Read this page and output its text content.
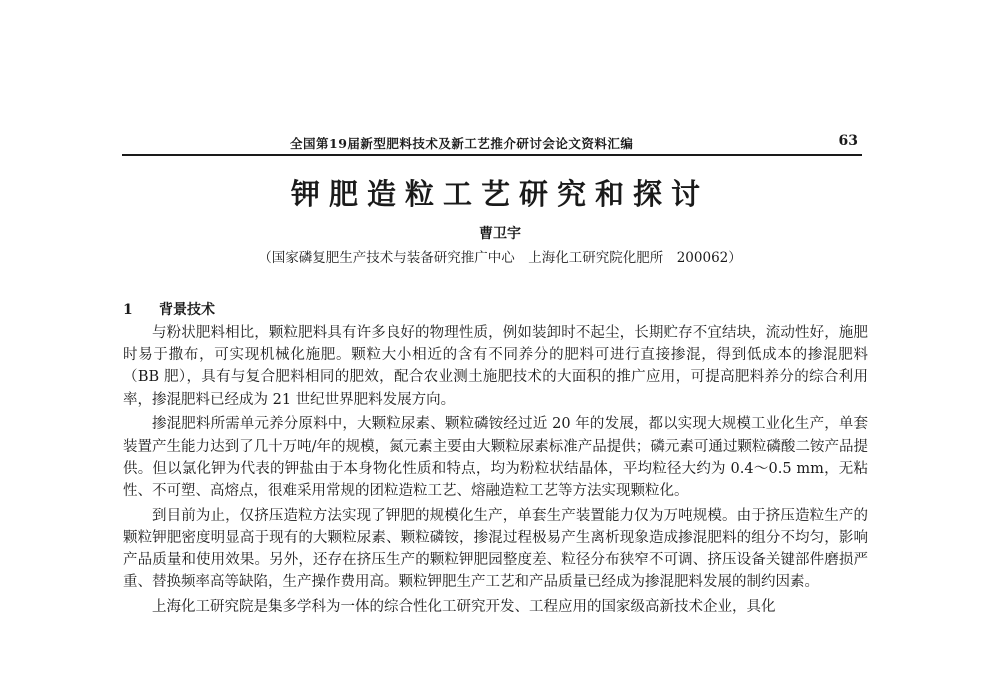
全国第19届新型肥料技术及新工艺推介研讨会论文资料汇编	63
钾肥造粒工艺研究和探讨
曹卫宇
（国家磷复肥生产技术与装备研究推广中心　上海化工研究院化肥所　200062）
1 背景技术

与粉状肥料相比，颗粒肥料具有许多良好的物理性质，例如装卸时不起尘，长期贮存不宜结块，流动性好，施肥时易于撒布，可实现机械化施肥。颗粒大小相近的含有不同养分的肥料可进行直接掺混，得到低成本的掺混肥料（BB 肥），具有与复合肥料相同的肥效，配合农业测土施肥技术的大面积的推广应用，可提高肥料养分的综合利用率，掺混肥料已经成为 21 世纪世界肥料发展方向。

掺混肥料所需单元养分原料中，大颗粒尿素、颗粒磷铵经过近 20 年的发展，都以实现大规模工业化生产，单套装置产生能力达到了几十万吨/年的规模，氮元素主要由大颗粒尿素标准产品提供；磷元素可通过颗粒磷酸二铵产品提供。但以氯化钾为代表的钾盐由于本身物化性质和特点，均为粉粒状结晶体，平均粒径大约为 0.4～0.5 mm，无粘性、不可塑、高熔点，很难采用常规的团粒造粒工艺、熔融造粒工艺等方法实现颗粒化。

到目前为止，仅挤压造粒方法实现了钾肥的规模化生产，单套生产装置能力仅为万吨规模。由于挤压造粒生产的颗粒钾肥密度明显高于现有的大颗粒尿素、颗粒磷铵，掺混过程极易产生离析现象造成掺混肥料的组分不均匀，影响产品质量和使用效果。另外，还存在挤压生产的颗粒钾肥园整度差、粒径分布狭窄不可调、挤压设备关键部件磨损严重、替换频率高等缺陷，生产操作费用高。颗粒钾肥生产工艺和产品质量已经成为掺混肥料发展的制约因素。

上海化工研究院是集多学科为一体的综合性化工研究开发、工程应用的国家级高新技术企业，具化
